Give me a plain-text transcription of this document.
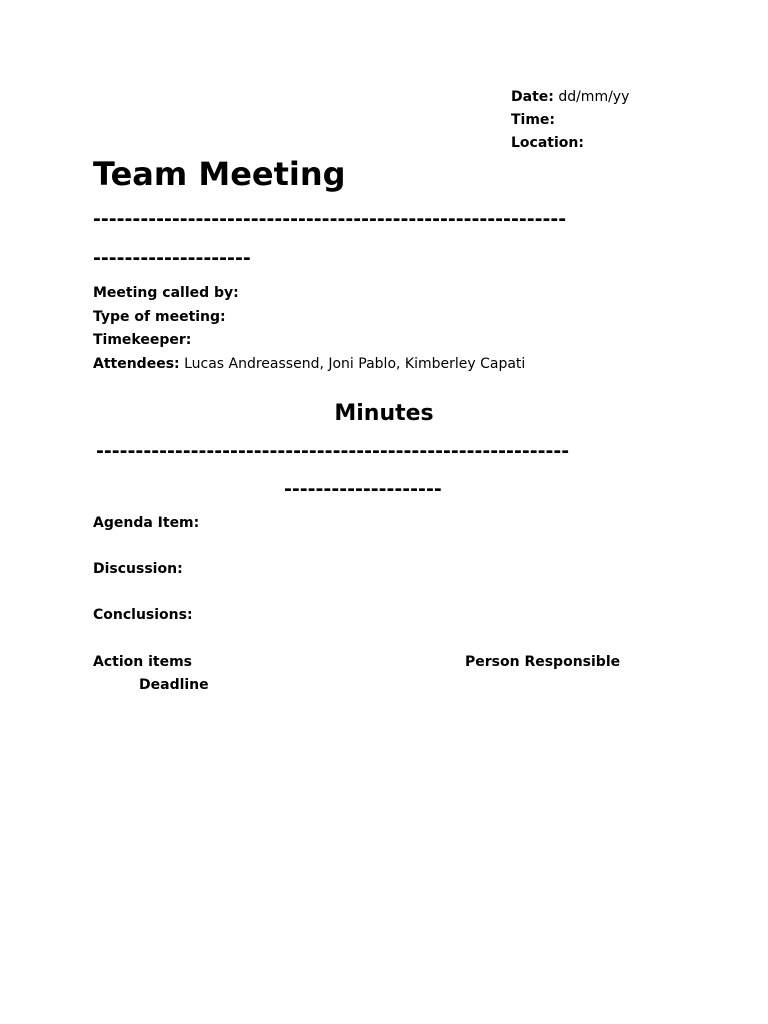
Date: dd/mm/yy
Time:
Location:
Team Meeting
------------------------------------------------------------
--------------------
Meeting called by:
Type of meeting:
Timekeeper:
Attendees: Lucas Andreassend, Joni Pablo, Kimberley Capati
Minutes
------------------------------------------------------------
--------------------
Agenda Item:
Discussion:
Conclusions:
Action items	Person Responsible
Deadline
